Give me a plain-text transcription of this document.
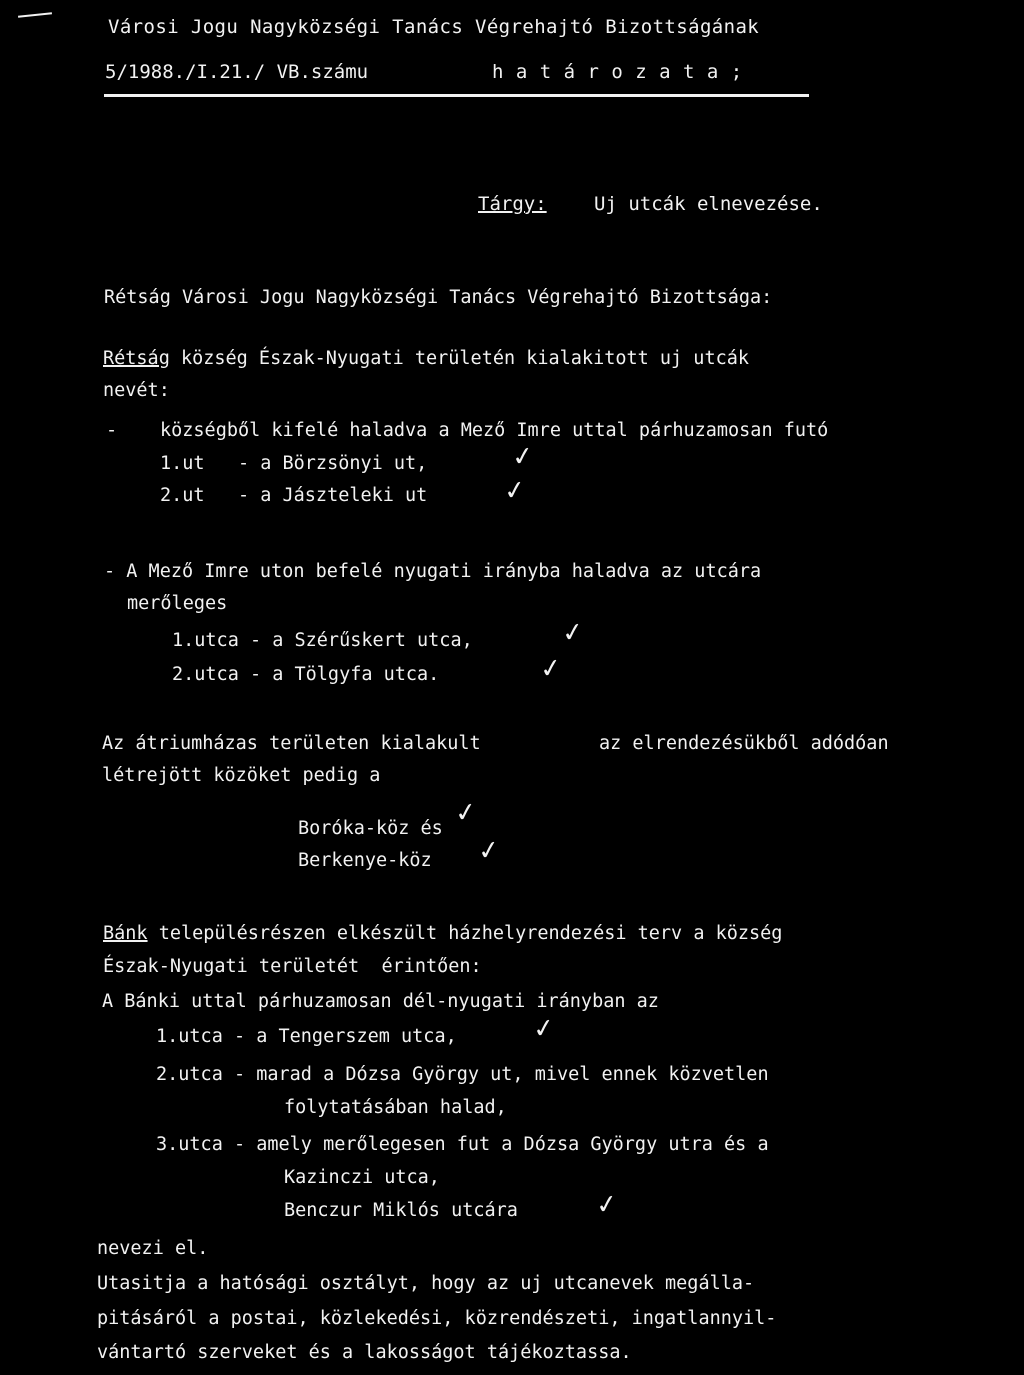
Városi Jogu Nagyközségi Tanács Végrehajtó Bizottságának
5/1988./I.21./ VB.számu	h a t á r o z a t a ;
Tárgy: Uj utcák elnevezése.
Rétság Városi Jogu Nagyközségi Tanács Végrehajtó Bizottsága:
Rétság község Észak-Nyugati területén kialakitott uj utcák
nevét:
- községből kifelé haladva a Mező Imre uttal párhuzamosan futó
1.ut   - a Börzsönyi ut,
2.ut   - a Jászteleki ut
✓
✓
- A Mező Imre uton befelé nyugati irányba haladva az utcára
merőleges
1.utca - a Szérűskert utca,
2.utca - a Tölgyfa utca.
✓
✓
Az átriumházas területen kialakult	az elrendezésükből adódóan
létrejött közöket pedig a
Boróka-köz és
Berkenye-köz
✓
✓
Bánk településrészen elkészült házhelyrendezési terv a község
Észak-Nyugati területét  érintően:
A Bánki uttal párhuzamosan dél-nyugati irányban az
1.utca - a Tengerszem utca,
2.utca - marad a Dózsa György ut, mivel ennek közvetlen
folytatásában halad,
3.utca - amely merőlegesen fut a Dózsa György utra és a
Kazinczi utca,
Benczur Miklós utcára
✓
✓
nevezi el.
Utasitja a hatósági osztályt, hogy az uj utcanevek megálla-
pitásáról a postai, közlekedési, közrendészeti, ingatlannyil-
vántartó szerveket és a lakosságot tájékoztassa.
